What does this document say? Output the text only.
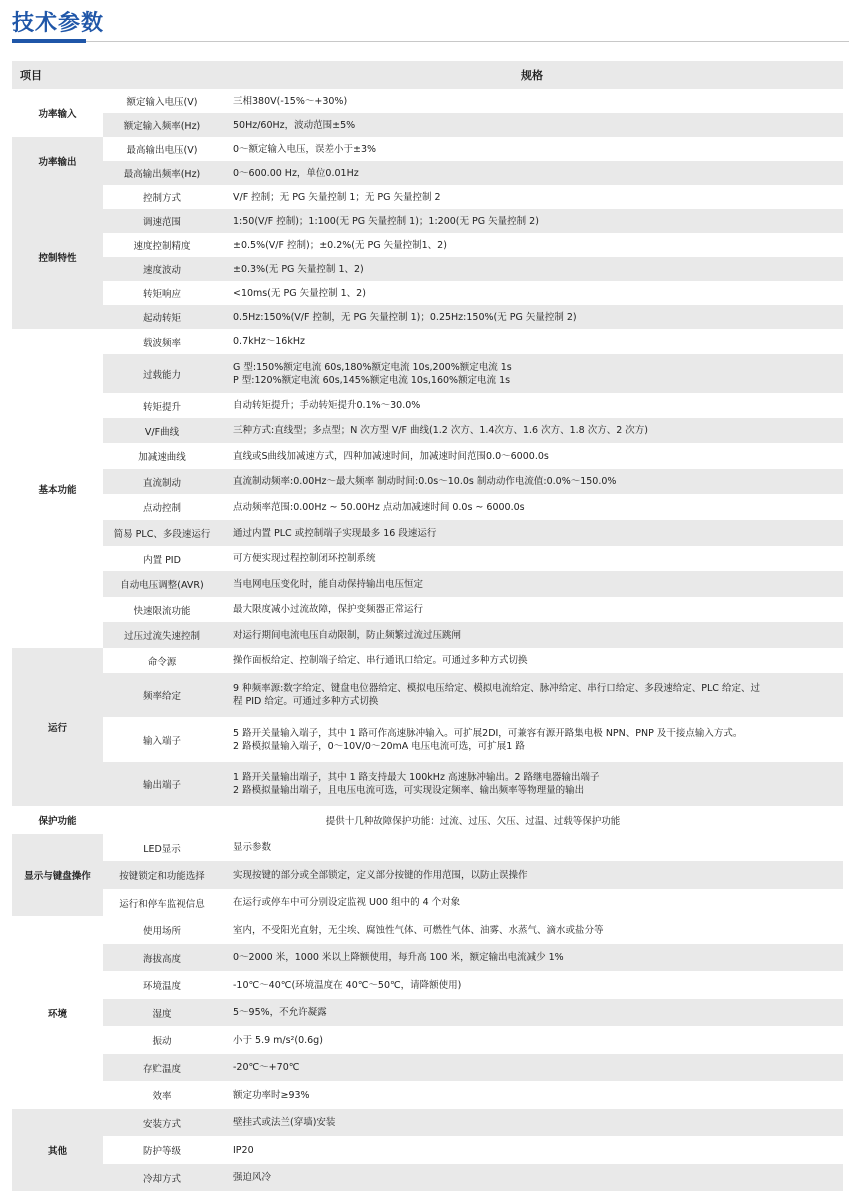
技术参数
项目		规格
功率输入	额定输入电压(V)	三相380V(-15%～+30%)
	额定输入频率(Hz)	50Hz/60Hz，波动范围±5%
功率输出	最高输出电压(V)	0～额定输入电压，误差小于±3%
	最高输出频率(Hz)	0～600.00 Hz，单位0.01Hz
控制特性	控制方式	V/F 控制；无 PG 矢量控制 1；无 PG 矢量控制 2
	调速范围	1:50(V/F 控制)；1:100(无 PG 矢量控制 1)；1:200(无 PG 矢量控制 2)
	速度控制精度	±0.5%(V/F 控制)；±0.2%(无 PG 矢量控制1、2)
	速度波动	±0.3%(无 PG 矢量控制 1、2)
	转矩响应	<10ms(无 PG 矢量控制 1、2)
	起动转矩	0.5Hz:150%(V/F 控制，无 PG 矢量控制 1)；0.25Hz:150%(无 PG 矢量控制 2)
基本功能	载波频率	0.7kHz～16kHz
	过载能力	G 型:150%额定电流 60s,180%额定电流 10s,200%额定电流 1s
P 型:120%额定电流 60s,145%额定电流 10s,160%额定电流 1s

	转矩提升	自动转矩提升；手动转矩提升0.1%～30.0%
	V/F曲线	三种方式:直线型；多点型；N 次方型 V/F 曲线(1.2 次方、1.4次方、1.6 次方、1.8 次方、2 次方)
	加减速曲线	直线或S曲线加减速方式，四种加减速时间，加减速时间范围0.0～6000.0s
	直流制动	直流制动频率:0.00Hz～最大频率 制动时间:0.0s～10.0s 制动动作电流值:0.0%～150.0%
	点动控制	点动频率范围:0.00Hz ~ 50.00Hz 点动加减速时间 0.0s ~ 6000.0s
	简易 PLC、多段速运行	通过内置 PLC 或控制端子实现最多 16 段速运行
	内置 PID	可方便实现过程控制闭环控制系统
	自动电压调整(AVR)	当电网电压变化时，能自动保持输出电压恒定
	快速限流功能	最大限度减小过流故障，保护变频器正常运行
	过压过流失速控制	对运行期间电流电压自动限制，防止频繁过流过压跳闸
运行	命令源	操作面板给定、控制端子给定、串行通讯口给定。可通过多种方式切换
	频率给定	9 种频率源:数字给定、键盘电位器给定、模拟电压给定、模拟电流给定、脉冲给定、串行口给定、多段速给定、PLC 给定、过
程 PID 给定。可通过多种方式切换

	输入端子	5 路开关量输入端子，其中 1 路可作高速脉冲输入。可扩展2DI，可兼容有源开路集电极 NPN、PNP 及干接点输入方式。
2 路模拟量输入端子，0～10V/0～20mA 电压电流可选，可扩展1 路

	输出端子	1 路开关量输出端子，其中 1 路支持最大 100kHz 高速脉冲输出。2 路继电器输出端子
2 路模拟量输出端子，且电压电流可选，可实现设定频率、输出频率等物理量的输出

保护功能	提供十几种故障保护功能：过流、过压、欠压、过温、过载等保护功能	
显示与键盘操作	LED显示	显示参数
	按键锁定和功能选择	实现按键的部分或全部锁定，定义部分按键的作用范围，以防止误操作
	运行和停车监视信息	在运行或停车中可分别设定监视 U00 组中的 4 个对象
环境	使用场所	室内，不受阳光直射，无尘埃、腐蚀性气体、可燃性气体、油雾、水蒸气、滴水或盐分等
	海拔高度	0～2000 米，1000 米以上降额使用，每升高 100 米，额定输出电流减少 1%
	环境温度	-10℃～40℃(环境温度在 40℃～50℃，请降额使用)
	湿度	5～95%，不允许凝露
	振动	小于 5.9 m/s²(0.6g)
	存贮温度	-20℃～+70℃
	效率	额定功率时≥93%
其他	安装方式	壁挂式或法兰(穿墙)安装
	防护等级	IP20
	冷却方式	强迫风冷
